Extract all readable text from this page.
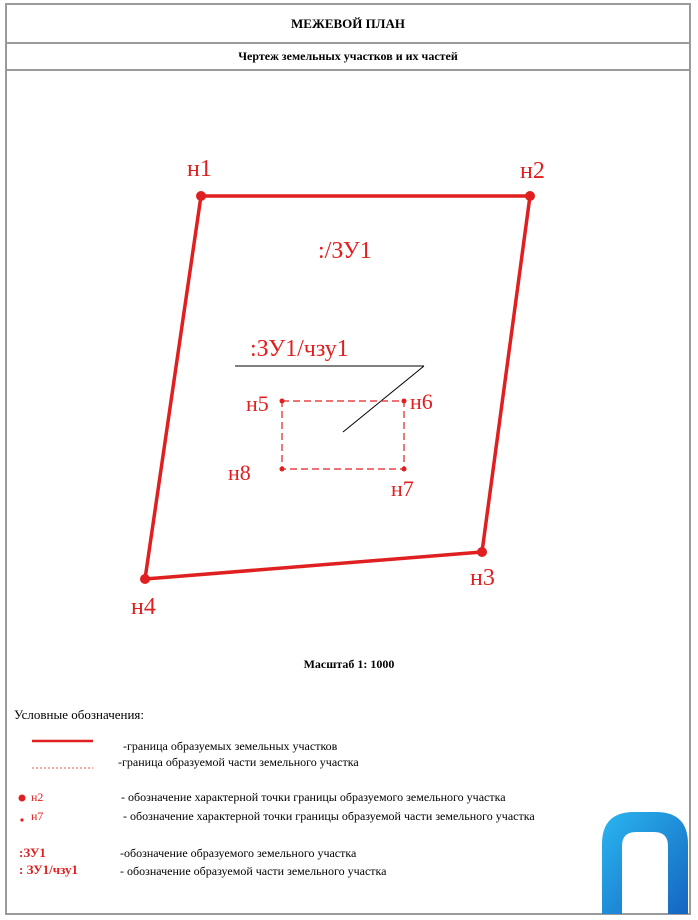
МЕЖЕВОЙ ПЛАН
Чертеж земельных участков и их частей
н1	н2
н3
н4
:/ЗУ1
:ЗУ1/чзу1
н5	н6
н7
н8
Масштаб 1: 1000
Условные обозначения:
-граница образуемых земельных участков
-граница образуемой части земельного участка
н2	- обозначение характерной точки границы образуемого земельного участка
н7	- обозначение характерной точки границы образуемой части земельного участка
:ЗУ1	-обозначение образуемого земельного участка
: ЗУ1/чзу1	- обозначение образуемой части земельного участка
